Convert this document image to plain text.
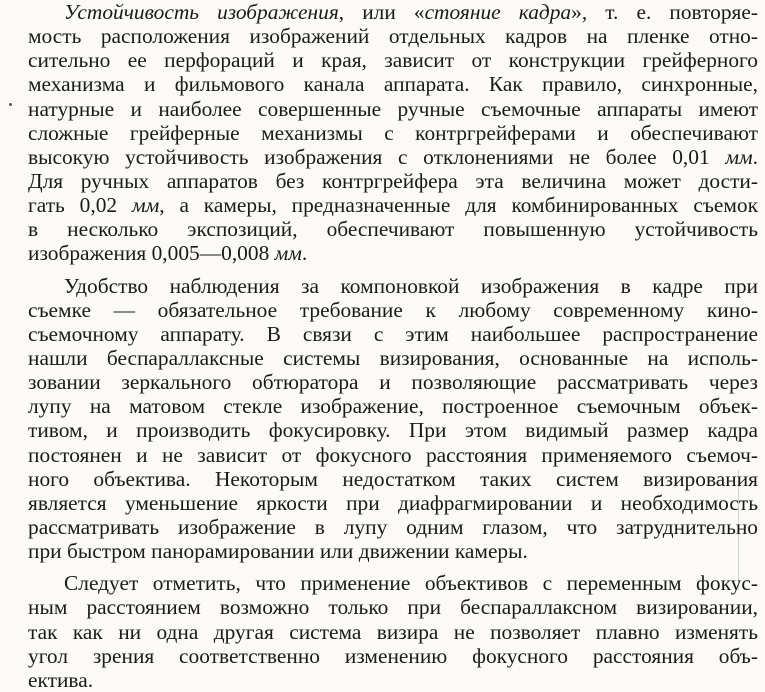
Устойчивость изображения, или «стояние кадра», т. е. повторяе-
мость расположения изображений отдельных кадров на пленке отно-
сительно ее перфораций и края, зависит от конструкции грейферного
механизма и фильмового канала аппарата. Как правило, синхронные,
натурные и наиболее совершенные ручные съемочные аппараты имеют
сложные грейферные механизмы с контргрейферами и обеспечивают
высокую устойчивость изображения с отклонениями не более 0,01 мм.
Для ручных аппаратов без контргрейфера эта величина может дости-
гать 0,02 мм, а камеры, предназначенные для комбинированных съемок
в несколько экспозиций, обеспечивают повышенную устойчивость
изображения 0,005—0,008 мм.
Удобство наблюдения за компоновкой изображения в кадре при
съемке — обязательное требование к любому современному кино-
съемочному аппарату. В связи с этим наибольшее распространение
нашли беспараллаксные системы визирования, основанные на исполь-
зовании зеркального обтюратора и позволяющие рассматривать через
лупу на матовом стекле изображение, построенное съемочным объек-
тивом, и производить фокусировку. При этом видимый размер кадра
постоянен и не зависит от фокусного расстояния применяемого съемоч-
ного объектива. Некоторым недостатком таких систем визирования
является уменьшение яркости при диафрагмировании и необходимость
рассматривать изображение в лупу одним глазом, что затруднительно
при быстром панорамировании или движении камеры.
Следует отметить, что применение объективов с переменным фокус-
ным расстоянием возможно только при беспараллаксном визировании,
так как ни одна другая система визира не позволяет плавно изменять
угол зрения соответственно изменению фокусного расстояния объ-
ектива.
